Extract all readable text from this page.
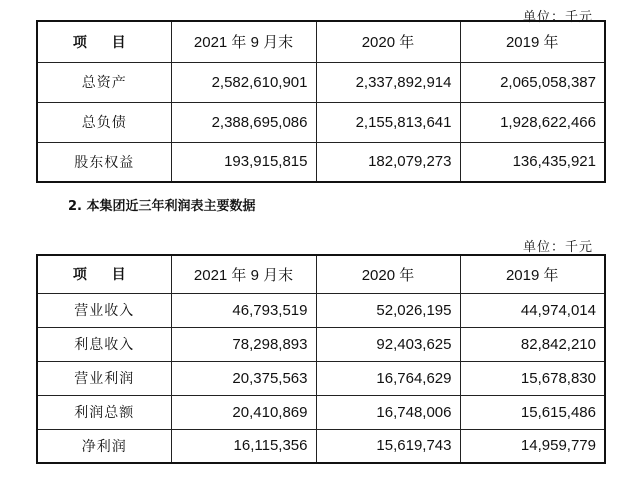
单位：千元
项 目	2021 年 9 月末	2020 年	2019 年
总资产	2,582,610,901	2,337,892,914	2,065,058,387
总负债	2,388,695,086	2,155,813,641	1,928,622,466
股东权益	193,915,815	182,079,273	136,435,921
2. 本集团近三年利润表主要数据
单位：千元
项 目	2021 年 9 月末	2020 年	2019 年
营业收入	46,793,519	52,026,195	44,974,014
利息收入	78,298,893	92,403,625	82,842,210
营业利润	20,375,563	16,764,629	15,678,830
利润总额	20,410,869	16,748,006	15,615,486
净利润	16,115,356	15,619,743	14,959,779
